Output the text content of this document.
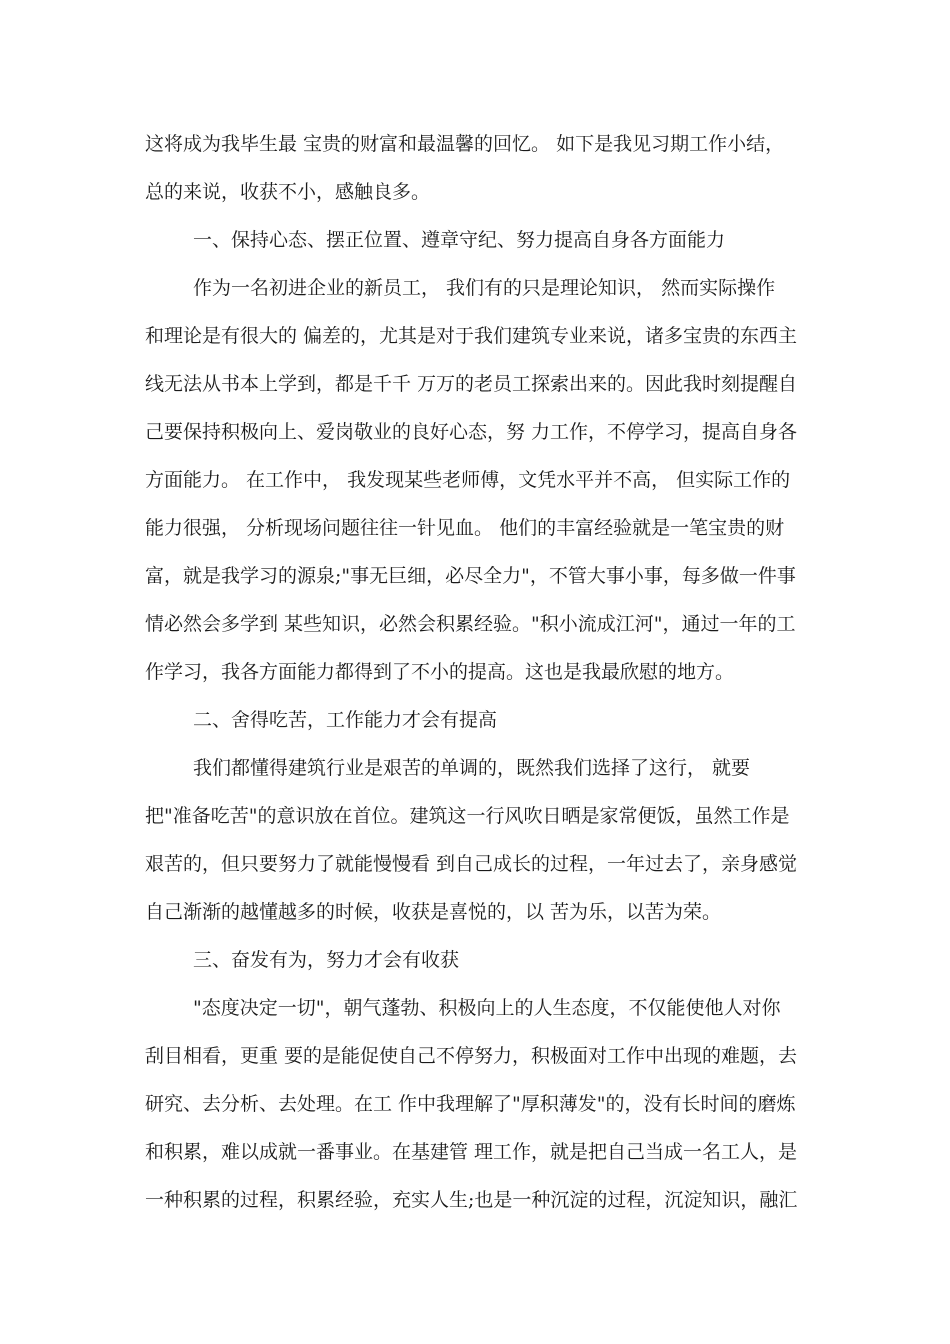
这将成为我毕生最 宝贵的财富和最温馨的回忆。 如下是我见习期工作小结，
总的来说，收获不小，感触良多。
一、保持心态、摆正位置、遵章守纪、努力提高自身各方面能力
作为一名初进企业的新员工， 我们有的只是理论知识， 然而实际操作
和理论是有很大的 偏差的，尤其是对于我们建筑专业来说，诸多宝贵的东西主
线无法从书本上学到，都是千千 万万的老员工探索出来的。因此我时刻提醒自
己要保持积极向上、爱岗敬业的良好心态，努 力工作，不停学习，提高自身各
方面能力。 在工作中， 我发现某些老师傅，文凭水平并不高， 但实际工作的
能力很强， 分析现场问题往往一针见血。 他们的丰富经验就是一笔宝贵的财
富，就是我学习的源泉;"事无巨细，必尽全力"，不管大事小事，每多做一件事
情必然会多学到 某些知识，必然会积累经验。"积小流成江河"，通过一年的工
作学习，我各方面能力都得到了不小的提高。这也是我最欣慰的地方。
二、舍得吃苦，工作能力才会有提高
我们都懂得建筑行业是艰苦的单调的，既然我们选择了这行， 就要
把"准备吃苦"的意识放在首位。建筑这一行风吹日晒是家常便饭，虽然工作是
艰苦的，但只要努力了就能慢慢看 到自己成长的过程，一年过去了，亲身感觉
自己渐渐的越懂越多的时候，收获是喜悦的，以 苦为乐，以苦为荣。
三、奋发有为，努力才会有收获
"态度决定一切"，朝气蓬勃、积极向上的人生态度，不仅能使他人对你
刮目相看，更重 要的是能促使自己不停努力，积极面对工作中出现的难题，去
研究、去分析、去处理。在工 作中我理解了"厚积薄发"的，没有长时间的磨炼
和积累，难以成就一番事业。在基建管 理工作，就是把自己当成一名工人，是
一种积累的过程，积累经验，充实人生;也是一种沉淀的过程，沉淀知识，融汇
